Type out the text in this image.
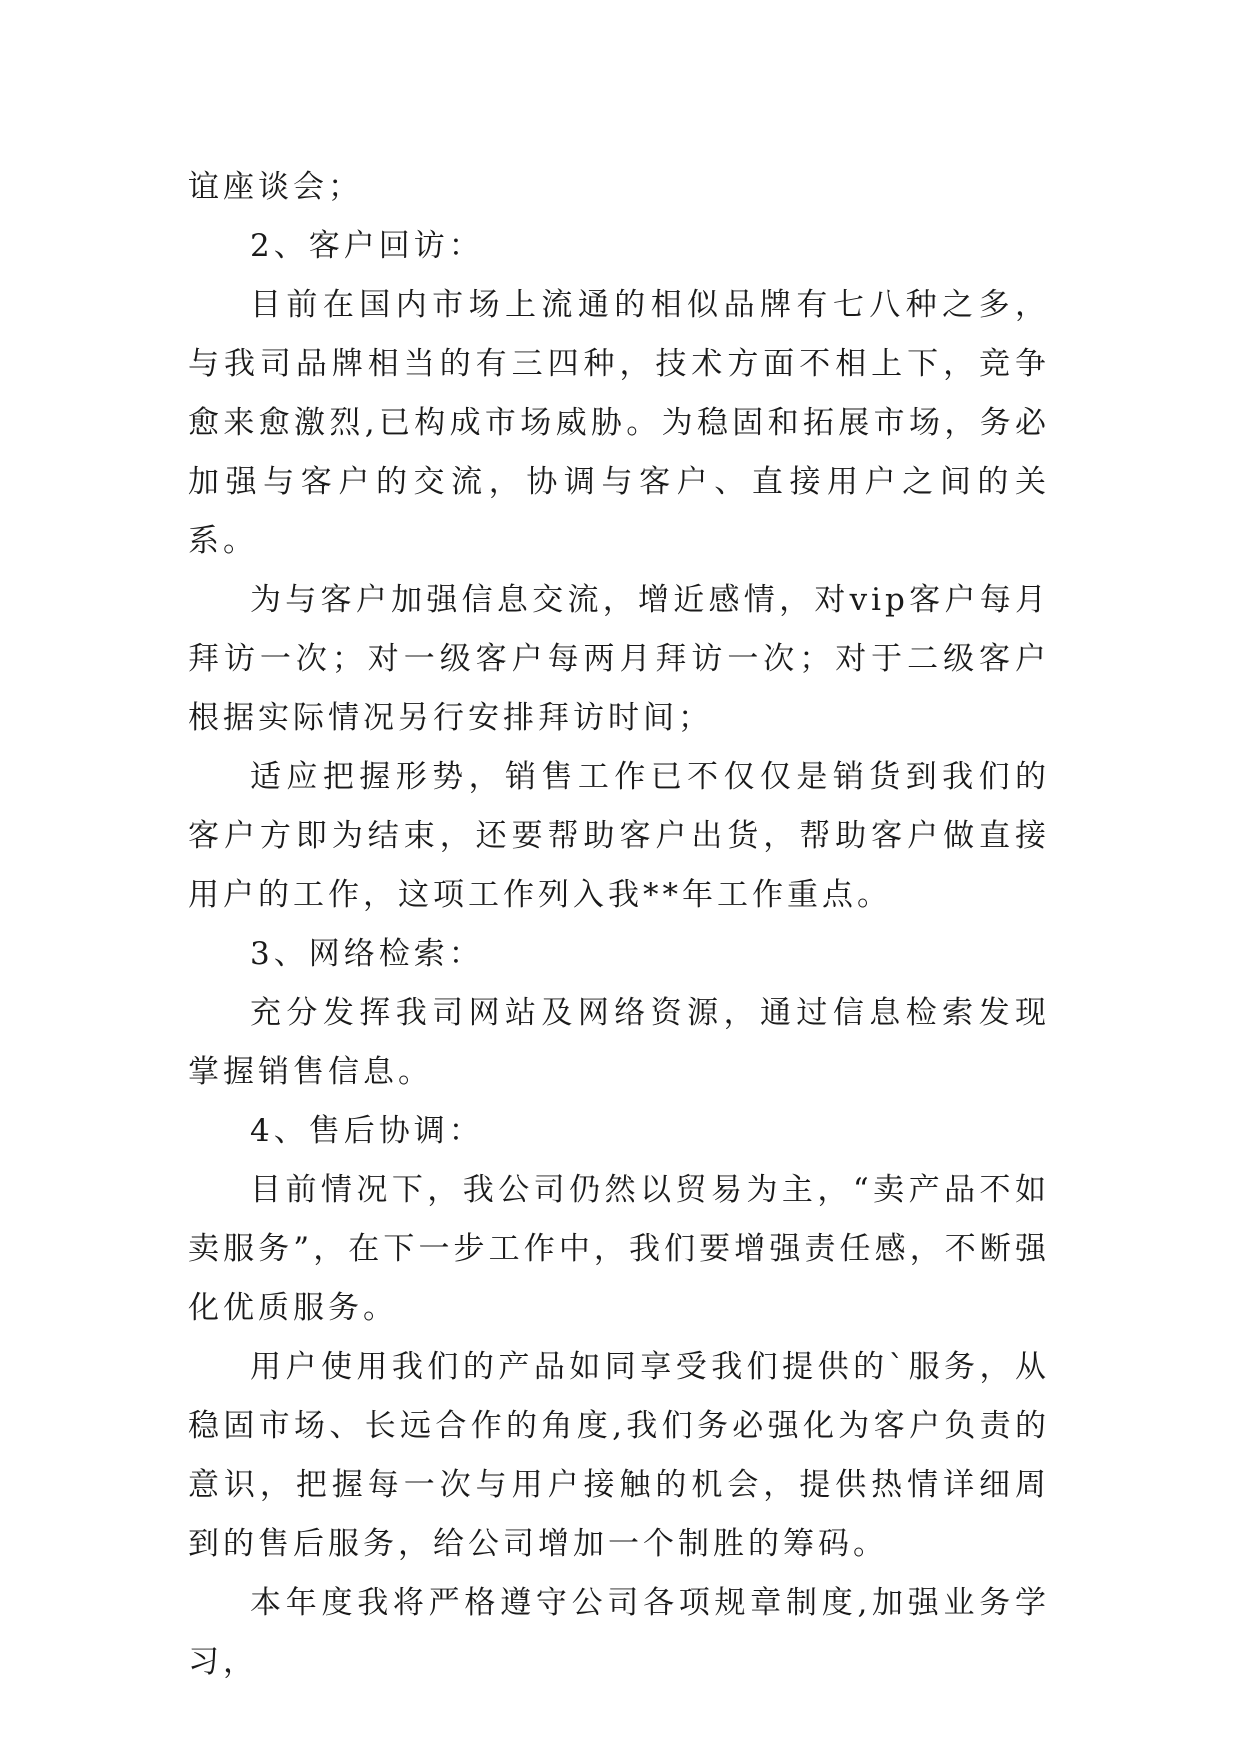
谊座谈会；

2、客户回访：

目前在国内市场上流通的相似品牌有七八种之多，与我司品牌相当的有三四种，技术方面不相上下，竞争愈来愈激烈,已构成市场威胁。为稳固和拓展市场，务必加强与客户的交流，协调与客户、直接用户之间的关系。

为与客户加强信息交流，增近感情，对vip客户每月拜访一次；对一级客户每两月拜访一次；对于二级客户根据实际情况另行安排拜访时间；

适应把握形势，销售工作已不仅仅是销货到我们的客户方即为结束，还要帮助客户出货，帮助客户做直接用户的工作，这项工作列入我**年工作重点。

3、网络检索：

充分发挥我司网站及网络资源，通过信息检索发现掌握销售信息。

4、售后协调：

目前情况下，我公司仍然以贸易为主，“卖产品不如卖服务”，在下一步工作中，我们要增强责任感，不断强化优质服务。

用户使用我们的产品如同享受我们提供的`服务，从稳固市场、长远合作的角度,我们务必强化为客户负责的意识，把握每一次与用户接触的机会，提供热情详细周到的售后服务，给公司增加一个制胜的筹码。

本年度我将严格遵守公司各项规章制度,加强业务学习，
